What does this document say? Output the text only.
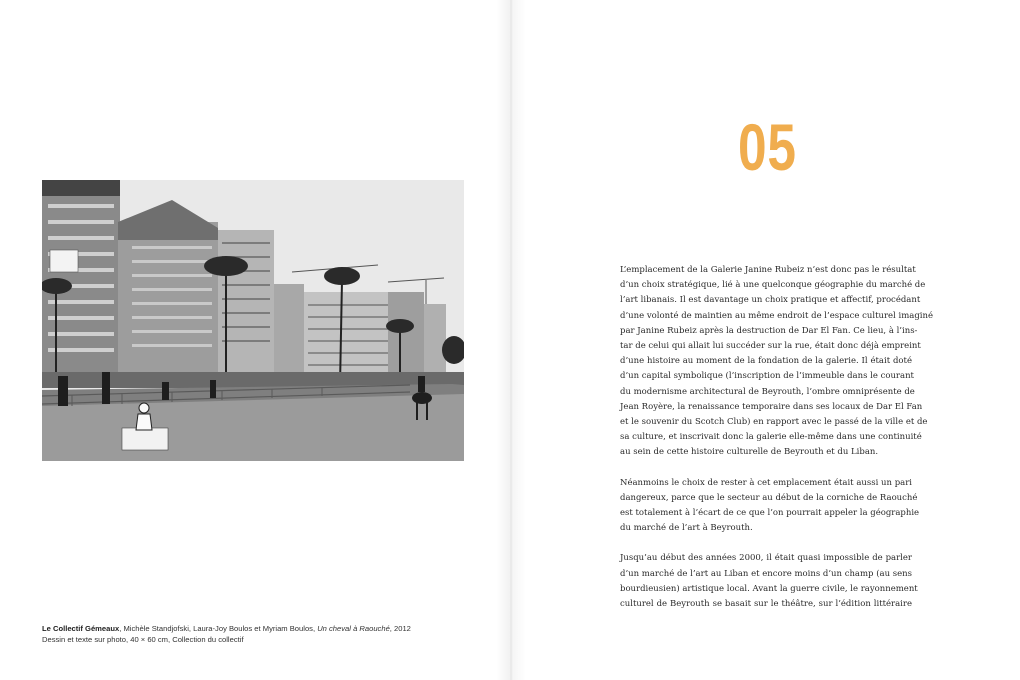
Le Collectif Gémeaux, Michèle Standjofski, Laura-Joy Boulos et Myriam Boulos, Un cheval à Raouché, 2012
Dessin et texte sur photo, 40 × 60 cm, Collection du collectif
05
L’emplacement de la Galerie Janine Rubeiz n’est donc pas le résultat
d’un choix stratégique, lié à une quelconque géographie du marché de
l’art libanais. Il est davantage un choix pratique et affectif, procédant
d’une volonté de maintien au même endroit de l’espace culturel imaginé
par Janine Rubeiz après la destruction de Dar El Fan. Ce lieu, à l’ins-
tar de celui qui allait lui succéder sur la rue, était donc déjà empreint
d’une histoire au moment de la fondation de la galerie. Il était doté
d’un capital symbolique (l’inscription de l’immeuble dans le courant
du modernisme architectural de Beyrouth, l’ombre omniprésente de
Jean Royère, la renaissance temporaire dans ses locaux de Dar El Fan
et le souvenir du Scotch Club) en rapport avec le passé de la ville et de
sa culture, et inscrivait donc la galerie elle-même dans une continuité
au sein de cette histoire culturelle de Beyrouth et du Liban.
Néanmoins le choix de rester à cet emplacement était aussi un pari
dangereux, parce que le secteur au début de la corniche de Raouché
est totalement à l’écart de ce que l’on pourrait appeler la géographie
du marché de l’art à Beyrouth.
Jusqu’au début des années 2000, il était quasi impossible de parler
d’un marché de l’art au Liban et encore moins d’un champ (au sens
bourdieusien) artistique local. Avant la guerre civile, le rayonnement
culturel de Beyrouth se basait sur le théâtre, sur l’édition littéraire
